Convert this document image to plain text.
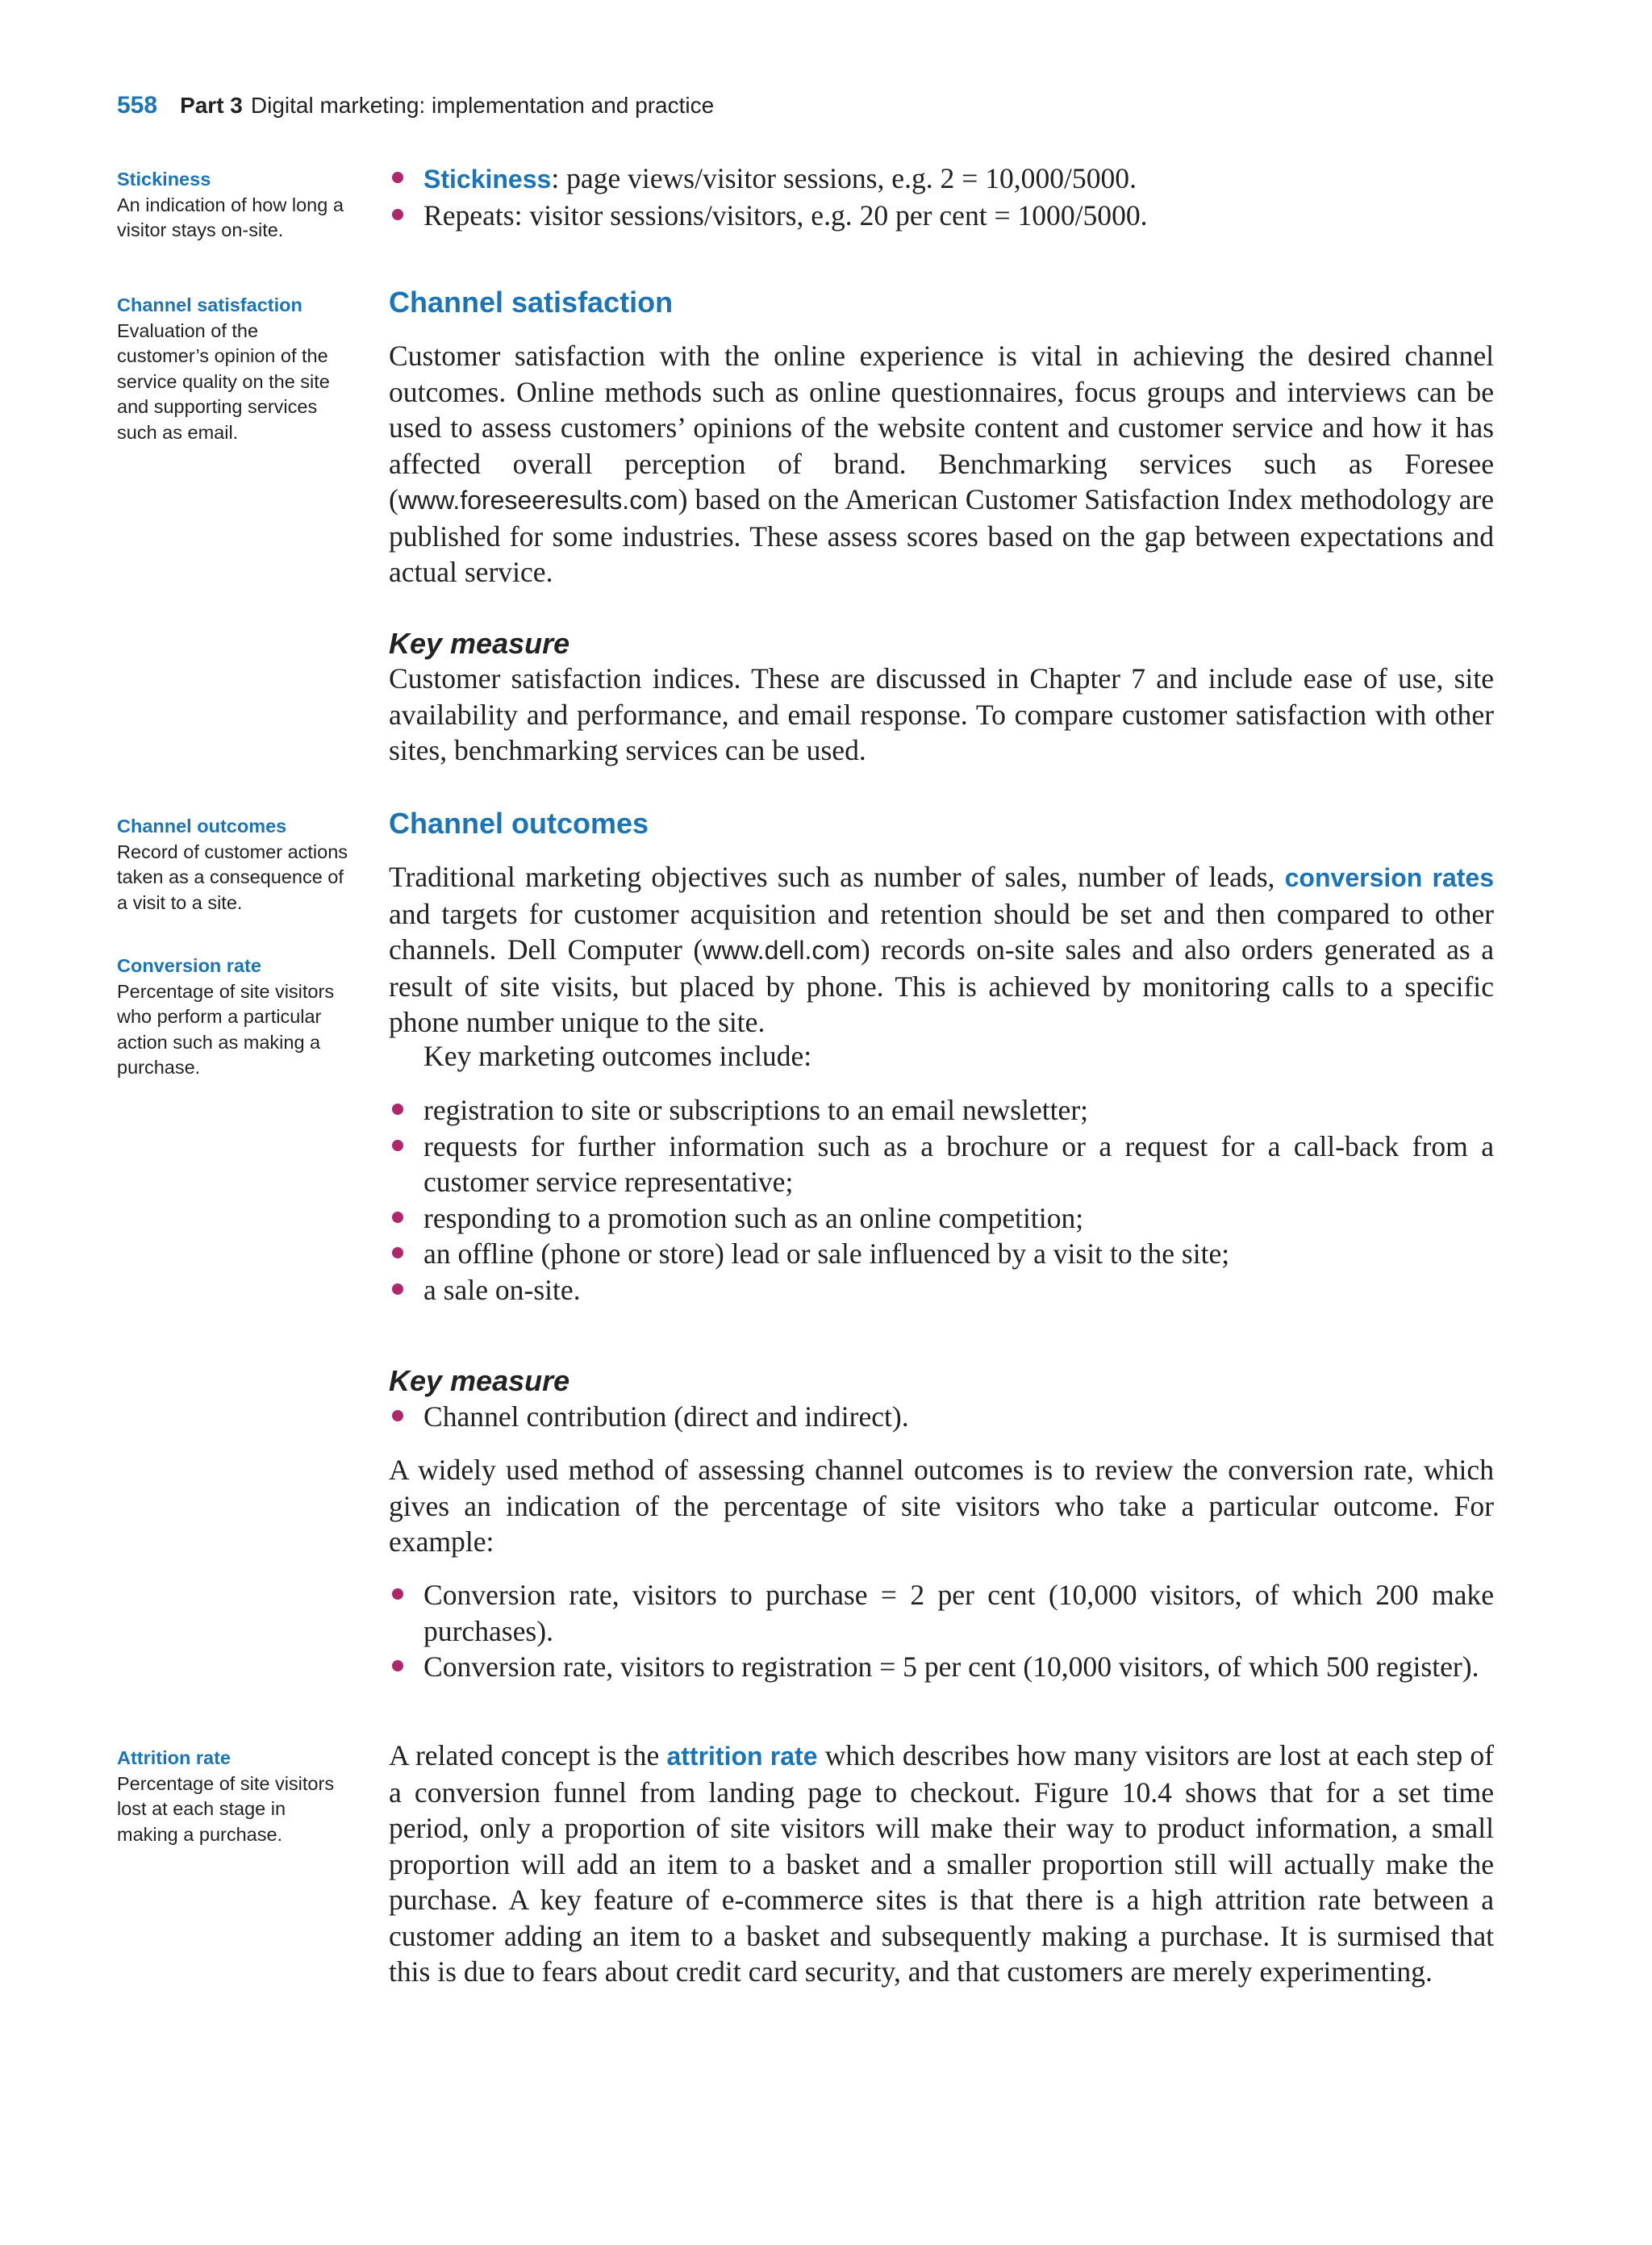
558 Part 3 Digital marketing: implementation and practice
Stickiness
An indication of how long a visitor stays on-site.
Channel satisfaction
Evaluation of the customer’s opinion of the service quality on the site and supporting services such as email.
Channel outcomes
Record of customer actions taken as a consequence of a visit to a site.
Conversion rate
Percentage of site visitors who perform a particular action such as making a purchase.
Attrition rate
Percentage of site visitors lost at each stage in making a purchase.
Stickiness: page views/visitor sessions, e.g. 2 = 10,000/5000.
Repeats: visitor sessions/visitors, e.g. 20 per cent = 1000/5000.
Channel satisfaction

Customer satisfaction with the online experience is vital in achieving the desired channel outcomes. Online methods such as online questionnaires, focus groups and interviews can be used to assess customers’ opinions of the website content and customer service and how it has affected overall perception of brand. Benchmarking services such as Foresee (www.foreseeresults.com) based on the American Customer Satisfaction Index methodology are published for some industries. These assess scores based on the gap between expectations and actual service.

Key measure

Customer satisfaction indices. These are discussed in Chapter 7 and include ease of use, site availability and performance, and email response. To compare customer satisfaction with other sites, benchmarking services can be used.

Channel outcomes

Traditional marketing objectives such as number of sales, number of leads, conversion rates and targets for customer acquisition and retention should be set and then compared to other channels. Dell Computer (www.dell.com) records on-site sales and also orders generated as a result of site visits, but placed by phone. This is achieved by monitoring calls to a specific phone number unique to the site.

Key marketing outcomes include:

registration to site or subscriptions to an email newsletter;
requests for further information such as a brochure or a request for a call-back from a customer service representative;
responding to a promotion such as an online competition;
an offline (phone or store) lead or sale influenced by a visit to the site;
a sale on-site.
Key measure
Channel contribution (direct and indirect).

A widely used method of assessing channel outcomes is to review the conversion rate, which gives an indication of the percentage of site visitors who take a particular outcome. For example:

Conversion rate, visitors to purchase = 2 per cent (10,000 visitors, of which 200 make purchases).
Conversion rate, visitors to registration = 5 per cent (10,000 visitors, of which 500 register).

A related concept is the attrition rate which describes how many visitors are lost at each step of a conversion funnel from landing page to checkout. Figure 10.4 shows that for a set time period, only a proportion of site visitors will make their way to product information, a small proportion will add an item to a basket and a smaller proportion still will actually make the purchase. A key feature of e-commerce sites is that there is a high attrition rate between a customer adding an item to a basket and subsequently making a purchase. It is surmised that this is due to fears about credit card security, and that customers are merely experimenting.
